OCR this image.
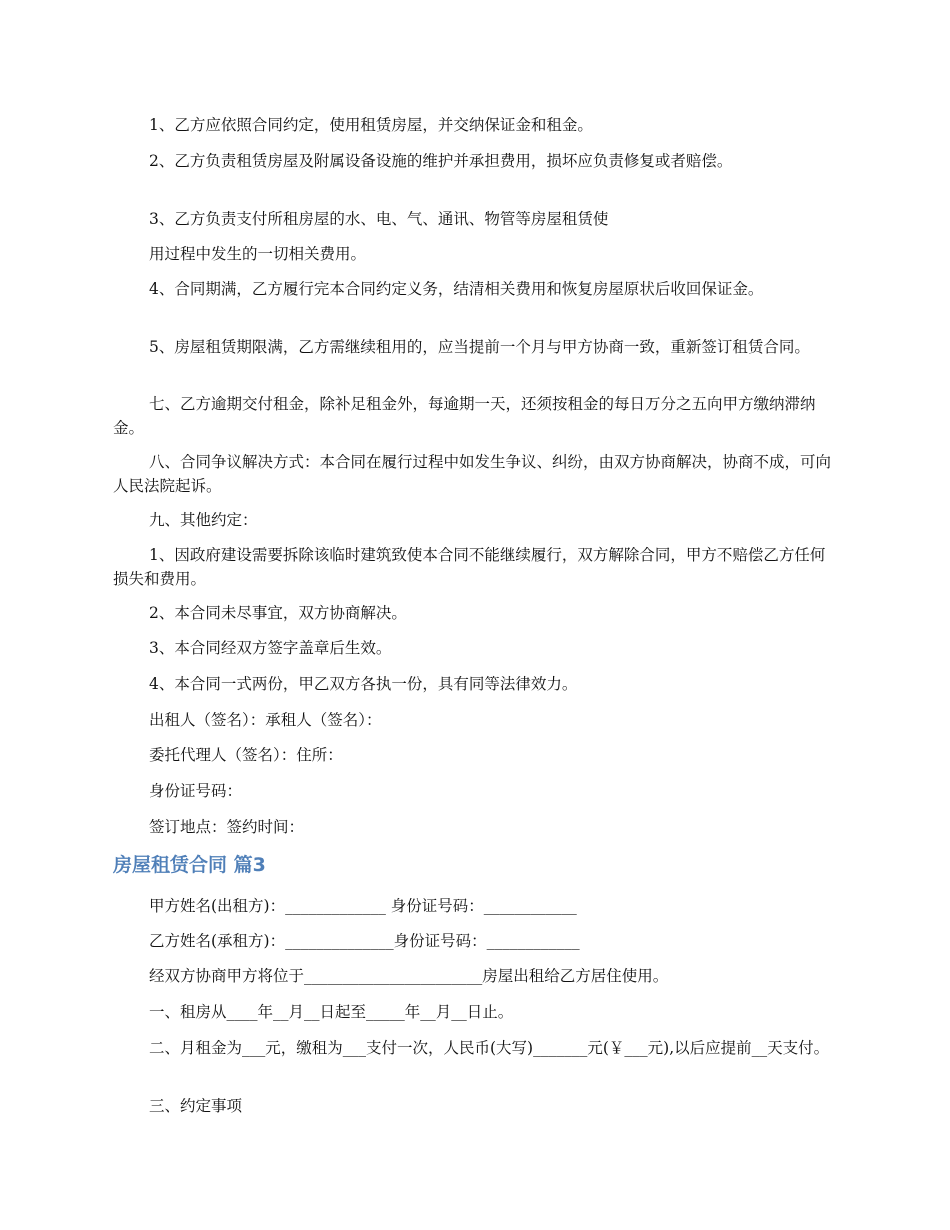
1、乙方应依照合同约定，使用租赁房屋，并交纳保证金和租金。
2、乙方负责租赁房屋及附属设备设施的维护并承担费用，损坏应负责修复或者赔偿。
3、乙方负责支付所租房屋的水、电、气、通讯、物管等房屋租赁使
用过程中发生的一切相关费用。
4、合同期满，乙方履行完本合同约定义务，结清相关费用和恢复房屋原状后收回保证金。
5、房屋租赁期限满，乙方需继续租用的，应当提前一个月与甲方协商一致，重新签订租赁合同。
七、乙方逾期交付租金，除补足租金外，每逾期一天，还须按租金的每日万分之五向甲方缴纳滞纳金。
八、合同争议解决方式：本合同在履行过程中如发生争议、纠纷，由双方协商解决，协商不成，可向人民法院起诉。
九、其他约定：
1、因政府建设需要拆除该临时建筑致使本合同不能继续履行，双方解除合同，甲方不赔偿乙方任何损失和费用。
2、本合同未尽事宜，双方协商解决。
3、本合同经双方签字盖章后生效。
4、本合同一式两份，甲乙双方各执一份，具有同等法律效力。
出租人（签名）：承租人（签名）：
委托代理人（签名）：住所：
身份证号码：
签订地点：签约时间：
房屋租赁合同 篇3
甲方姓名(出租方)：_____________ 身份证号码：____________
乙方姓名(承租方)：______________身份证号码：____________
经双方协商甲方将位于_______________________房屋出租给乙方居住使用。
一、租房从____年__月__日起至_____年__月__日止。
二、月租金为___元，缴租为___支付一次，人民币(大写)_______元(￥___元),以后应提前__天支付。
三、约定事项
